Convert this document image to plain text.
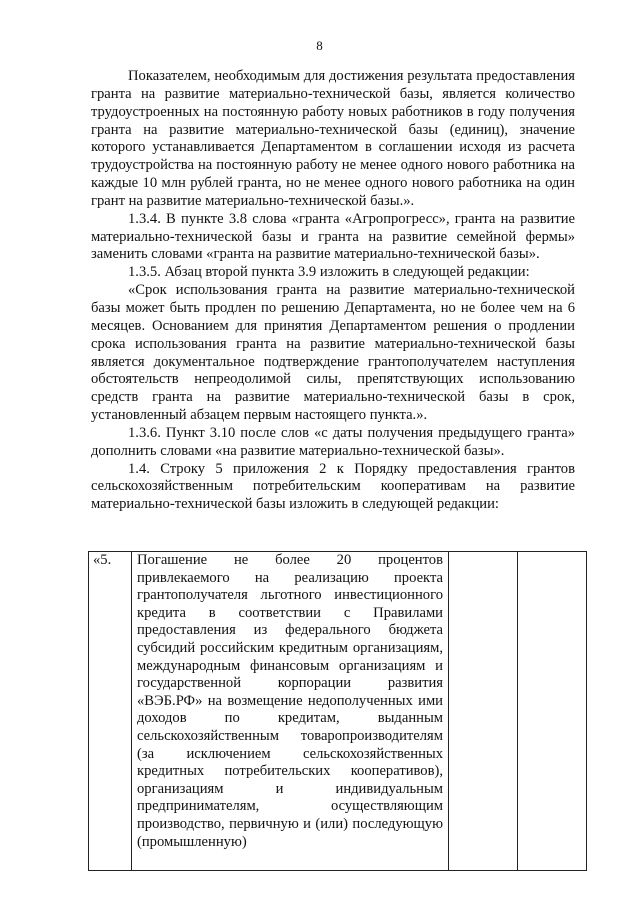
8

Показателем, необходимым для достижения результата предоставления гранта на развитие материально-технической базы, является количество трудоустроенных на постоянную работу новых работников в году получения гранта на развитие материально-технической базы (единиц), значение которого устанавливается Департаментом в соглашении исходя из расчета трудоустройства на постоянную работу не менее одного нового работника на каждые 10 млн рублей гранта, но не менее одного нового работника на один грант на развитие материально-технической базы.».

1.3.4. В пункте 3.8 слова «гранта «Агропрогресс», гранта на развитие материально-технической базы и гранта на развитие семейной фермы» заменить словами «гранта на развитие материально-технической базы».

1.3.5. Абзац второй пункта 3.9 изложить в следующей редакции:

«Срок использования гранта на развитие материально-технической базы может быть продлен по решению Департамента, но не более чем на 6 месяцев. Основанием для принятия Департаментом решения о продлении срока использования гранта на развитие материально-технической базы является документальное подтверждение грантополучателем наступления обстоятельств непреодолимой силы, препятствующих использованию средств гранта на развитие материально-технической базы в срок, установленный абзацем первым настоящего пункта.».

1.3.6. Пункт 3.10 после слов «с даты получения предыдущего гранта» дополнить словами «на развитие материально-технической базы».

1.4. Строку 5 приложения 2 к Порядку предоставления грантов сельскохозяйственным потребительским кооперативам на развитие материально-технической базы изложить в следующей редакции:

«5.	Погашение не более 20 процентов привлекаемого на реализацию проекта грантополучателя льготного инвестиционного кредита в соответствии с Правилами предоставления из федерального бюджета субсидий российским кредитным организациям, международным финансовым организациям и государственной корпорации развития «ВЭБ.РФ» на возмещение недополученных ими доходов по кредитам, выданным сельскохозяйственным товаропроизводителям (за исключением сельскохозяйственных кредитных потребительских кооперативов), организациям и индивидуальным предпринимателям, осуществляющим производство, первичную и (или) последующую (промышленную)		
